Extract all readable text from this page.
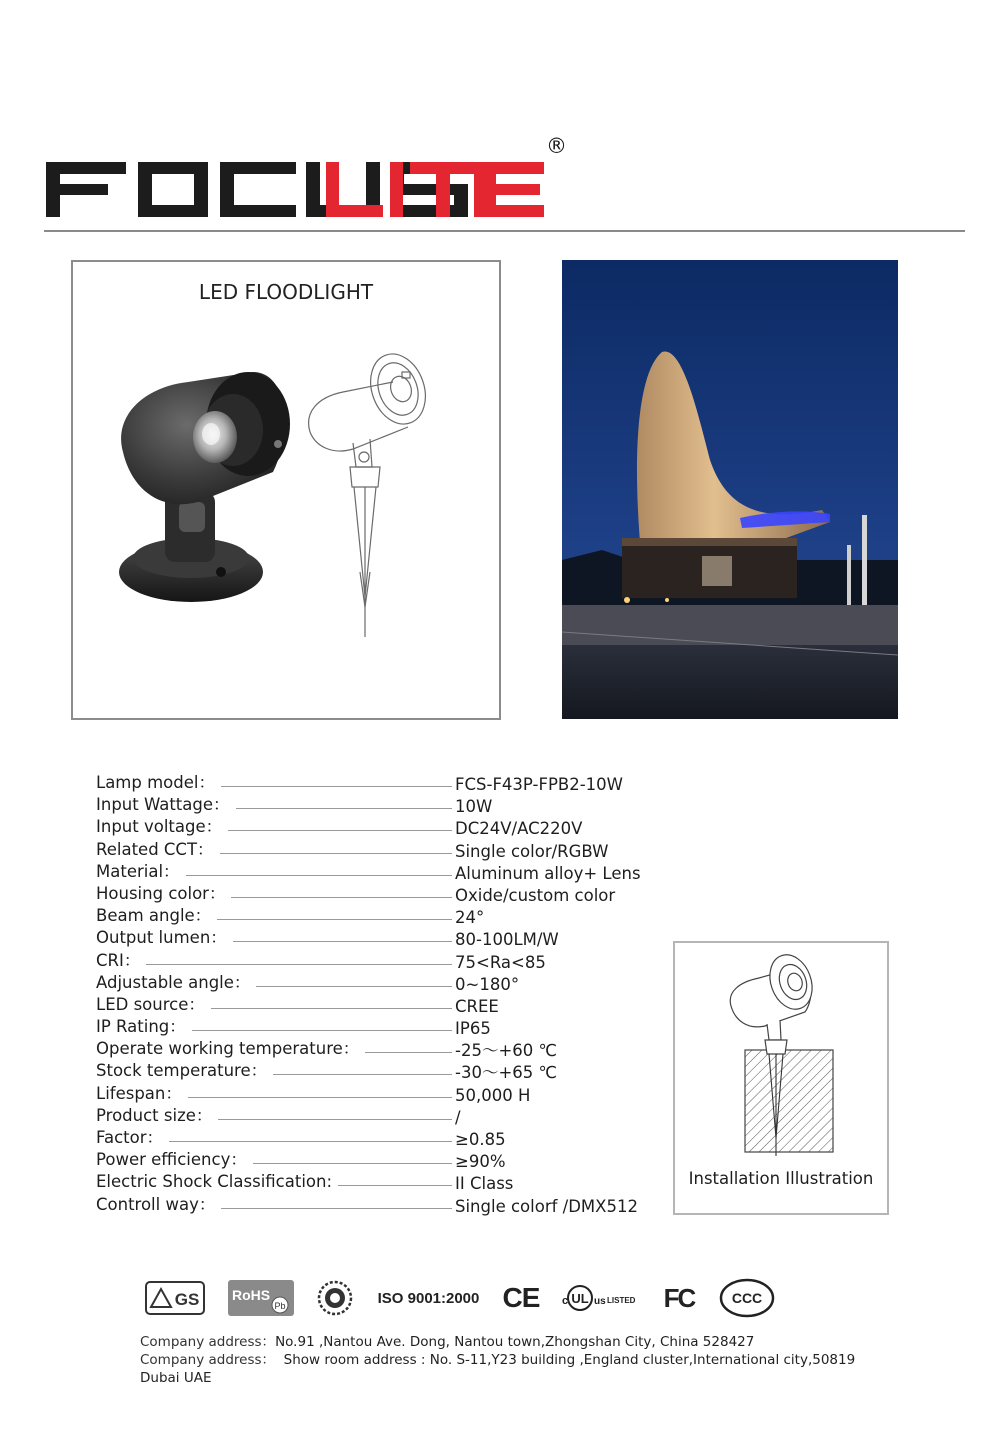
®
LED FLOODLIGHT
Lamp model：	FCS-F43P-FPB2-10W
Input Wattage：	10W
Input voltage：	DC24V/AC220V
Related CCT：	Single color/RGBW
Material：	Aluminum alloy+ Lens
Housing color：	Oxide/custom color
Beam angle：	24°
Output lumen：	80-100LM/W
CRI：	75<Ra<85
Adjustable angle：	0~180°
LED source：	CREE
IP Rating：	IP65
Operate working temperature：	-25～+60 ℃
Stock temperature：	-30～+65 ℃
Lifespan：	50,000 H
Product size：	/
Factor：	≥0.85
Power efficiency：	≥90%
Electric Shock Classification:	II Class
Controll way：	Single colorf /DMX512
Installation Illustration
GS RoHS
Pb	ISO 9001:2000 CE c UL us LISTED FC	CCC
Company address：No.91 ,Nantou Ave. Dong, Nantou town,Zhongshan City, China 528427
Company address： Show room address : No. S-11,Y23 building ,England cluster,International city,50819 Dubai UAE
